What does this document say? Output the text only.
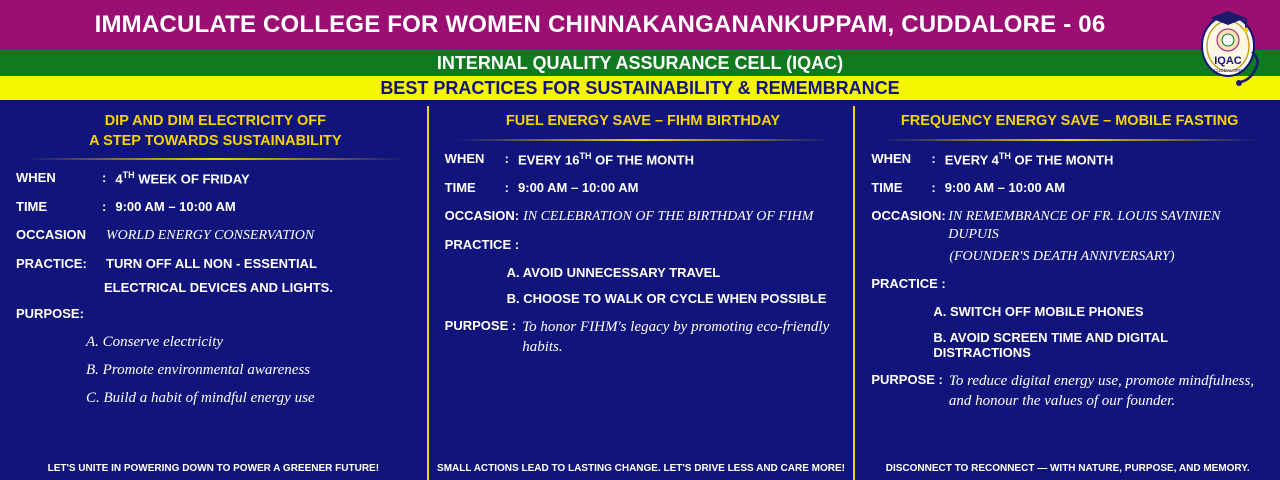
IMMACULATE COLLEGE FOR WOMEN CHINNAKANGANANKUPPAM, CUDDALORE - 06
IQAC
CUDDALORE
INTERNAL QUALITY ASSURANCE CELL (IQAC)
BEST PRACTICES FOR SUSTAINABILITY & REMEMBRANCE
DIP AND DIM ELECTRICITY OFF
A STEP TOWARDS SUSTAINABILITY
WHEN	: 4TH WEEK OF FRIDAY
TIME	: 9:00 AM – 10:00 AM
OCCASION	WORLD ENERGY CONSERVATION
PRACTICE:	TURN OFF ALL NON - ESSENTIAL
ELECTRICAL DEVICES AND LIGHTS.
PURPOSE:
A. Conserve electricity
B. Promote environmental awareness
C. Build a habit of mindful energy use
LET'S UNITE IN POWERING DOWN TO POWER A GREENER FUTURE!
FUEL ENERGY SAVE – FIHM BIRTHDAY
WHEN	: EVERY 16TH OF THE MONTH
TIME	: 9:00 AM – 10:00 AM
OCCASION: IN CELEBRATION OF THE BIRTHDAY OF FIHM
PRACTICE :
A. AVOID UNNECESSARY TRAVEL
B. CHOOSE TO WALK OR CYCLE WHEN POSSIBLE
PURPOSE : To honor FIHM's legacy by promoting eco-friendly habits.
SMALL ACTIONS LEAD TO LASTING CHANGE. LET'S DRIVE LESS AND CARE MORE!
FREQUENCY ENERGY SAVE – MOBILE FASTING
WHEN	: EVERY 4TH OF THE MONTH
TIME	: 9:00 AM – 10:00 AM
OCCASION: IN REMEMBRANCE OF FR. LOUIS SAVINIEN DUPUIS
(FOUNDER'S DEATH ANNIVERSARY)
PRACTICE :
A. SWITCH OFF MOBILE PHONES
B. AVOID SCREEN TIME AND DIGITAL DISTRACTIONS
PURPOSE : To reduce digital energy use, promote mindfulness, and honour the values of our founder.
DISCONNECT TO RECONNECT — WITH NATURE, PURPOSE, AND MEMORY.
